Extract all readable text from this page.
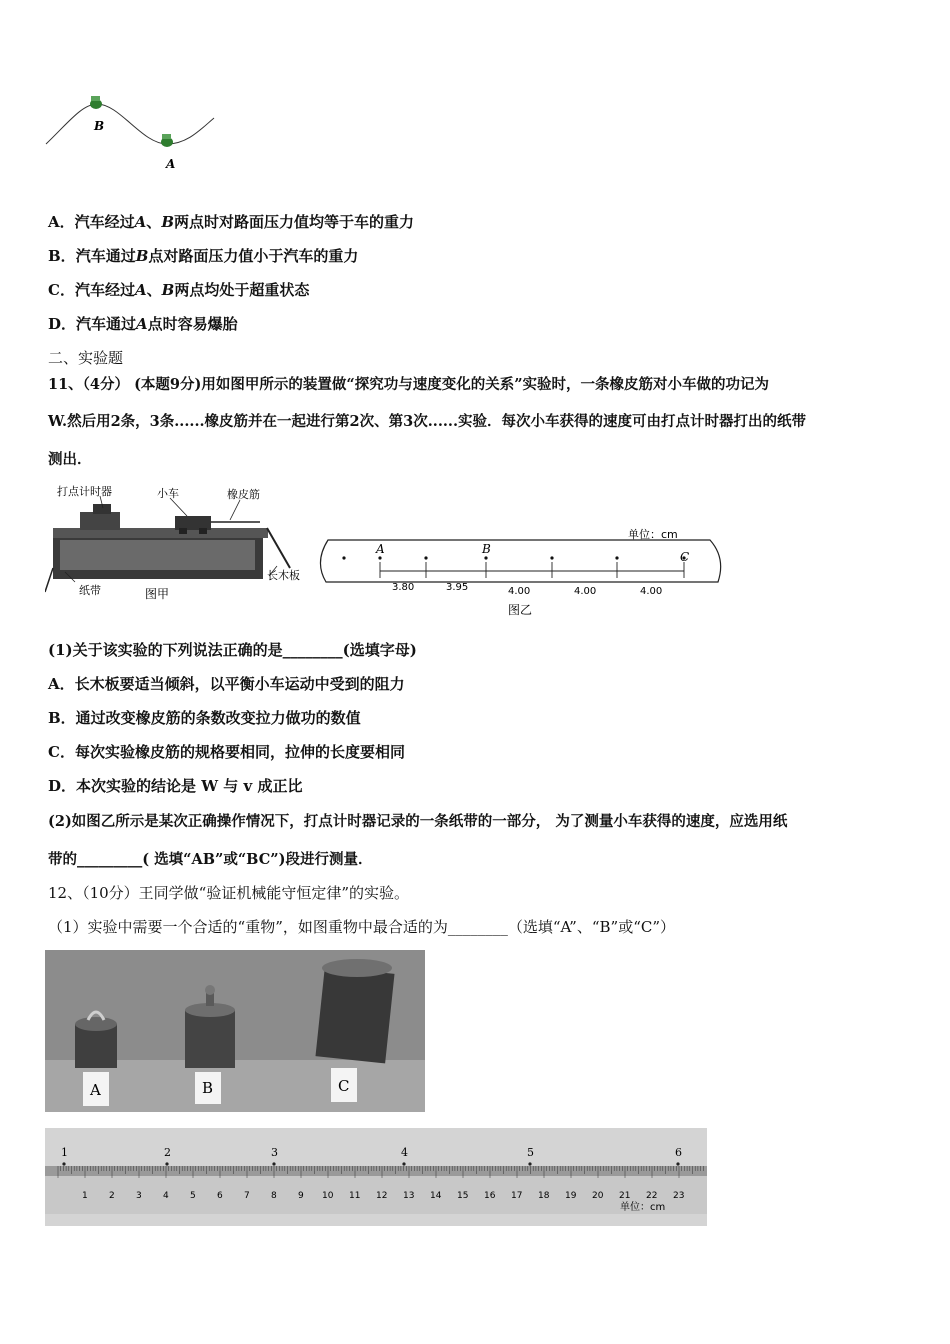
B
A
A．汽车经过A、B两点时对路面压力值均等于车的重力
B．汽车通过B点对路面压力值小于汽车的重力
C．汽车经过A、B两点均处于超重状态
D．汽车通过A点时容易爆胎
二、实验题
11、（4分） (本题9分)用如图甲所示的装置做“探究功与速度变化的关系”实验时，一条橡皮筋对小车做的功记为
W.然后用2条，3条......橡皮筋并在一起进行第2次、第3次......实验．每次小车获得的速度可由打点计时器打出的纸带
测出．
打点计时器	小车	橡皮筋
纸带
长木板
图甲
单位：cm
A	B
C
3.80	3.95	4.00	4.00	4.00
图乙
(1)关于该实验的下列说法正确的是________(选填字母)
A．长木板要适当倾斜，以平衡小车运动中受到的阻力
B．通过改变橡皮筋的条数改变拉力做功的数值
C．每次实验橡皮筋的规格要相同，拉伸的长度要相同
D．本次实验的结论是 W 与 v 成正比
(2)如图乙所示是某次正确操作情况下，打点计时器记录的一条纸带的一部分， 为了测量小车获得的速度，应选用纸
带的_________( 选填“AB”或“BC”)段进行测量．
12、（10分）王同学做“验证机械能守恒定律”的实验。
（1）实验中需要一个合适的“重物”，如图重物中最合适的为________（选填“A”、“B”或“C”）
A	B	C
单位：cm
1 2 3 4 5 6 7 8 9 10 11 12 13 14 15 16 17 18 19 20 21 22 23
1	2	3	4	5	6
